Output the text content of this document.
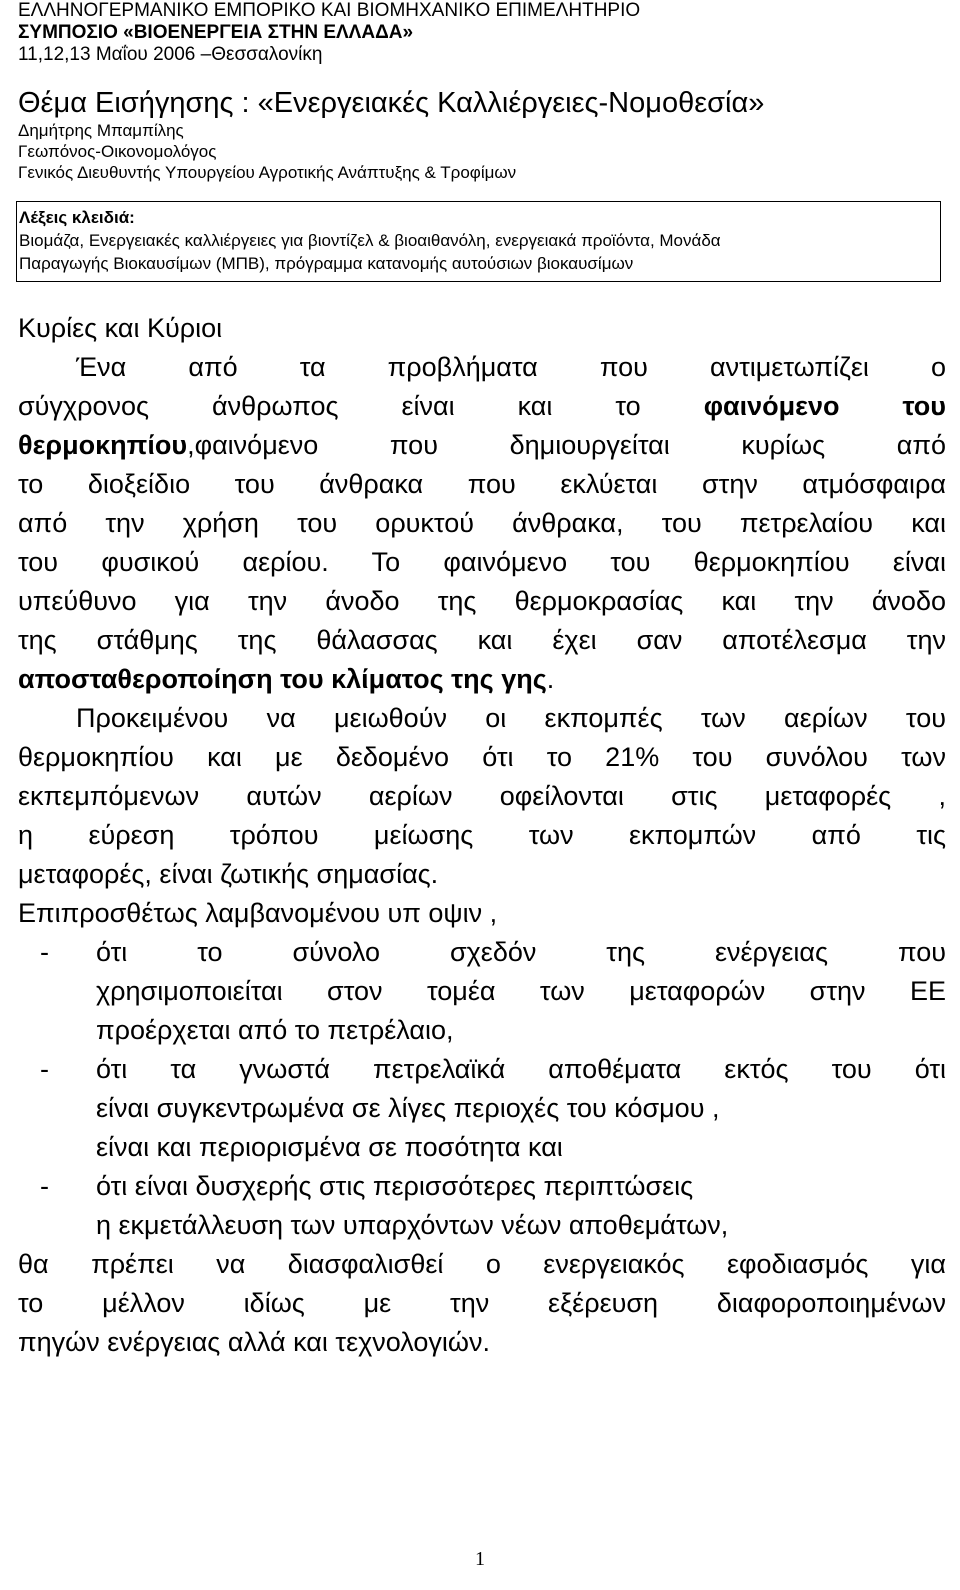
ΕΛΛΗΝΟΓΕΡΜΑΝΙΚΟ ΕΜΠΟΡΙΚΟ ΚΑΙ ΒΙΟΜΗΧΑΝΙΚΟ ΕΠΙΜΕΛΗΤΗΡΙΟ
ΣΥΜΠΟΣΙΟ «ΒΙΟΕΝΕΡΓΕΙΑ ΣΤΗΝ ΕΛΛΑΔΑ»
11,12,13 Μαΐου 2006 –Θεσσαλονίκη
Θέμα Εισήγησης : «Ενεργειακές Καλλιέργειες-Νομοθεσία»
Δημήτρης Μπαμπίλης
Γεωπόνος-Οικονομολόγος
Γενικός Διευθυντής Υπουργείου Αγροτικής Ανάπτυξης & Τροφίμων
Λέξεις κλειδιά:
Βιομάζα, Ενεργειακές καλλιέργειες για βιοντίζελ & βιοαιθανόλη, ενεργειακά προϊόντα, Μονάδα
Παραγωγής Βιοκαυσίμων (ΜΠΒ), πρόγραμμα κατανομής αυτούσιων βιοκαυσίμων
Κυρίες και Κύριοι
Ένα από τα προβλήματα που αντιμετωπίζει ο
σύγχρονος άνθρωπος είναι και το φαινόμενο του
θερμοκηπίου,φαινόμενο που δημιουργείται κυρίως από
το διοξείδιο του άνθρακα που εκλύεται στην ατμόσφαιρα
από την χρήση του ορυκτού άνθρακα, του πετρελαίου και
του φυσικού αερίου. Το φαινόμενο του θερμοκηπίου είναι
υπεύθυνο για την άνοδο της θερμοκρασίας και την άνοδο
της στάθμης της θάλασσας και έχει σαν αποτέλεσμα την
αποσταθεροποίηση του κλίματος της γης.
Προκειμένου να μειωθούν οι εκπομπές των αερίων του
θερμοκηπίου και με δεδομένο ότι το 21% του συνόλου των
εκπεμπόμενων αυτών αερίων οφείλονται στις μεταφορές ,
η εύρεση τρόπου μείωσης των εκπομπών από τις
μεταφορές, είναι ζωτικής σημασίας.
Επιπροσθέτως λαμβανομένου υπ οψιν ,
-	ότι το σύνολο σχεδόν της ενέργειας που
χρησιμοποιείται στον τομέα των μεταφορών στην ΕΕ
προέρχεται από το πετρέλαιο,
-	ότι τα γνωστά πετρελαϊκά αποθέματα εκτός του ότι
είναι συγκεντρωμένα σε λίγες περιοχές του κόσμου ,
είναι και περιορισμένα σε ποσότητα και
-	ότι είναι δυσχερής στις περισσότερες περιπτώσεις
η εκμετάλλευση των υπαρχόντων νέων αποθεμάτων,
θα πρέπει να διασφαλισθεί ο ενεργειακός εφοδιασμός για
το μέλλον ιδίως με την εξέρευση διαφοροποιημένων
πηγών ενέργειας αλλά και τεχνολογιών.
1
